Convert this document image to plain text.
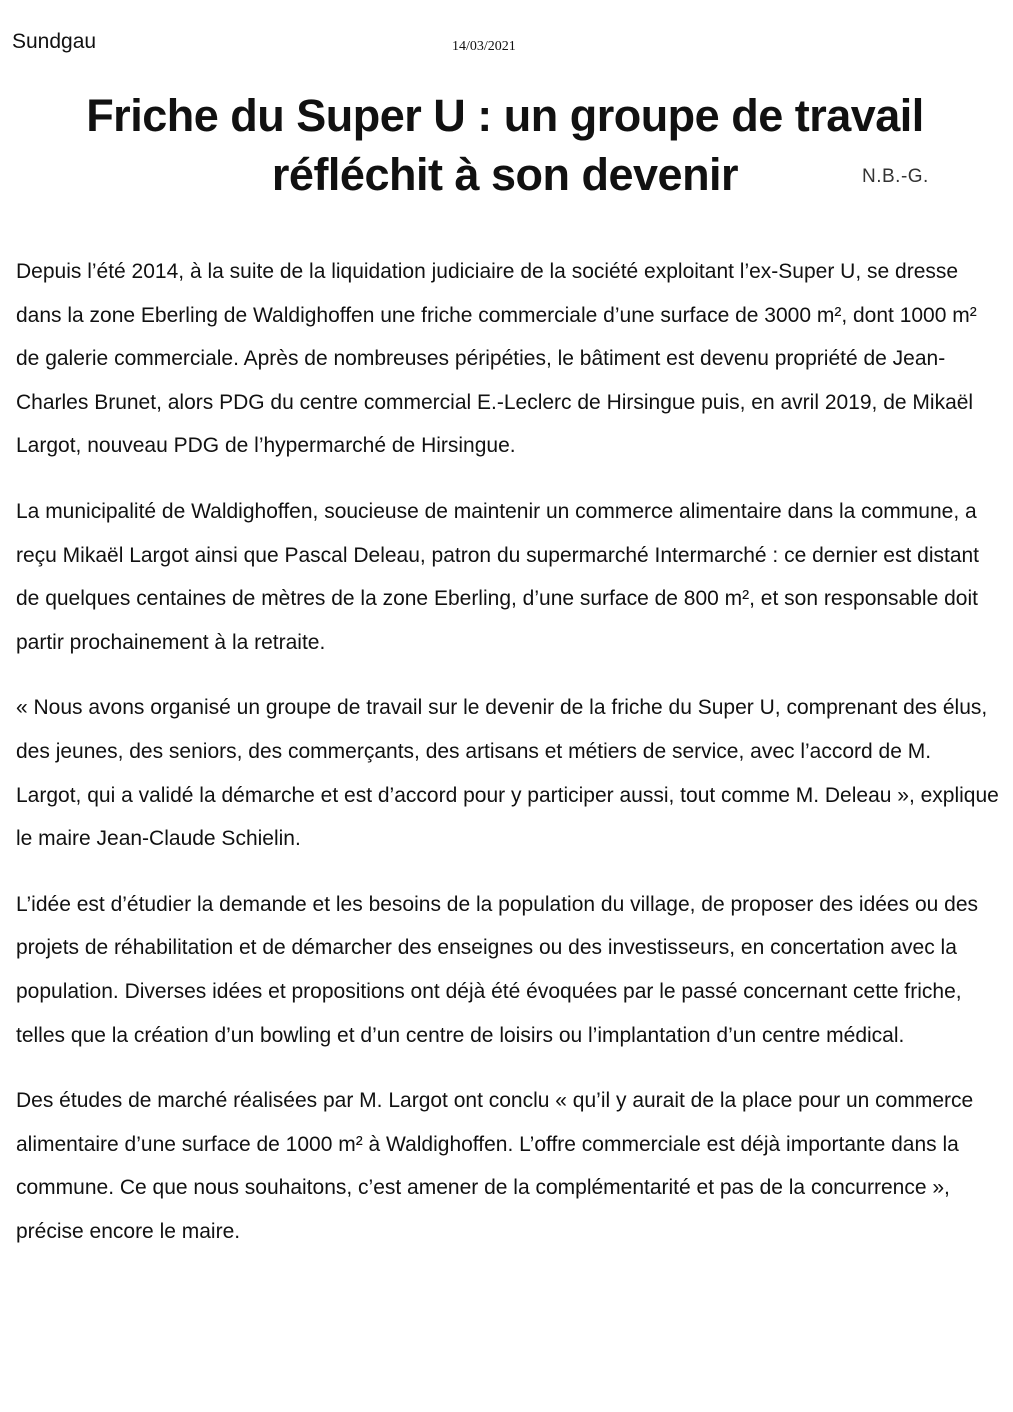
Sundgau	14/03/2021
Friche du Super U : un groupe de travail
réfléchit à son devenir	N.B.-G.

Depuis l’été 2014, à la suite de la liquidation judiciaire de la société exploitant l’ex-Super U, se dresse dans la zone Eberling de Waldighoffen une friche commerciale d’une surface de 3000 m², dont 1000 m² de galerie commerciale. Après de nombreuses péripéties, le bâtiment est devenu propriété de Jean-Charles Brunet, alors PDG du centre commercial E.-Leclerc de Hirsingue puis, en avril 2019, de Mikaël Largot, nouveau PDG de l’hypermarché de Hirsingue.

La municipalité de Waldighoffen, soucieuse de maintenir un commerce alimentaire dans la commune, a reçu Mikaël Largot ainsi que Pascal Deleau, patron du supermarché Intermarché : ce dernier est distant de quelques centaines de mètres de la zone Eberling, d’une surface de 800 m², et son responsable doit partir prochainement à la retraite.

« Nous avons organisé un groupe de travail sur le devenir de la friche du Super U, comprenant des élus, des jeunes, des seniors, des commerçants, des artisans et métiers de service, avec l’accord de M. Largot, qui a validé la démarche et est d’accord pour y participer aussi, tout comme M. Deleau », explique le maire Jean-Claude Schielin.

L’idée est d’étudier la demande et les besoins de la population du village, de proposer des idées ou des projets de réhabilitation et de démarcher des enseignes ou des investisseurs, en concertation avec la population. Diverses idées et propositions ont déjà été évoquées par le passé concernant cette friche, telles que la création d’un bowling et d’un centre de loisirs ou l’implantation d’un centre médical.

Des études de marché réalisées par M. Largot ont conclu « qu’il y aurait de la place pour un commerce alimentaire d’une surface de 1000 m² à Waldighoffen. L’offre commerciale est déjà importante dans la commune. Ce que nous souhaitons, c’est amener de la complémentarité et pas de la concurrence », précise encore le maire.
